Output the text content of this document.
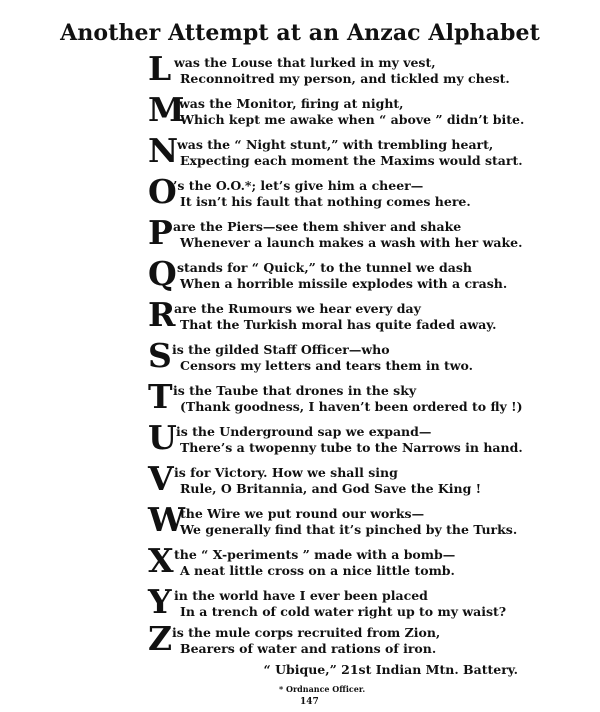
Another Attempt at an Anzac Alphabet
L was the Louse that lurked in my vest,
Reconnoitred my person, and tickled my chest.
M
was the Monitor, firing at night,
Which kept me awake when “ above ” didn’t bite.
N
was the “ Night stunt,” with trembling heart,
Expecting each moment the Maxims would start.
O
’s the O.O.*; let’s give him a cheer—
It isn’t his fault that nothing comes here.
P are the Piers—see them shiver and shake
Whenever a launch makes a wash with her wake.
Q stands for “ Quick,” to the tunnel we dash
When a horrible missile explodes with a crash.
R
are the Rumours we hear every day
That the Turkish moral has quite faded away.
S is the gilded Staff Officer—who
Censors my letters and tears them in two.
T is the Taube that drones in the sky
(Thank goodness, I haven’t been ordered to fly !)
U is the Underground sap we expand—
There’s a twopenny tube to the Narrows in hand.
V is for Victory. How we shall sing
Rule, O Britannia, and God Save the King !
W
the Wire we put round our works—
We generally find that it’s pinched by the Turks.
X the “ X-periments ” made with a bomb—
A neat little cross on a nice little tomb.
Y in the world have I ever been placed
In a trench of cold water right up to my waist?
Z is the mule corps recruited from Zion,
Bearers of water and rations of iron.
“ Ubique,” 21st Indian Mtn. Battery.
* Ordnance Officer.
147
